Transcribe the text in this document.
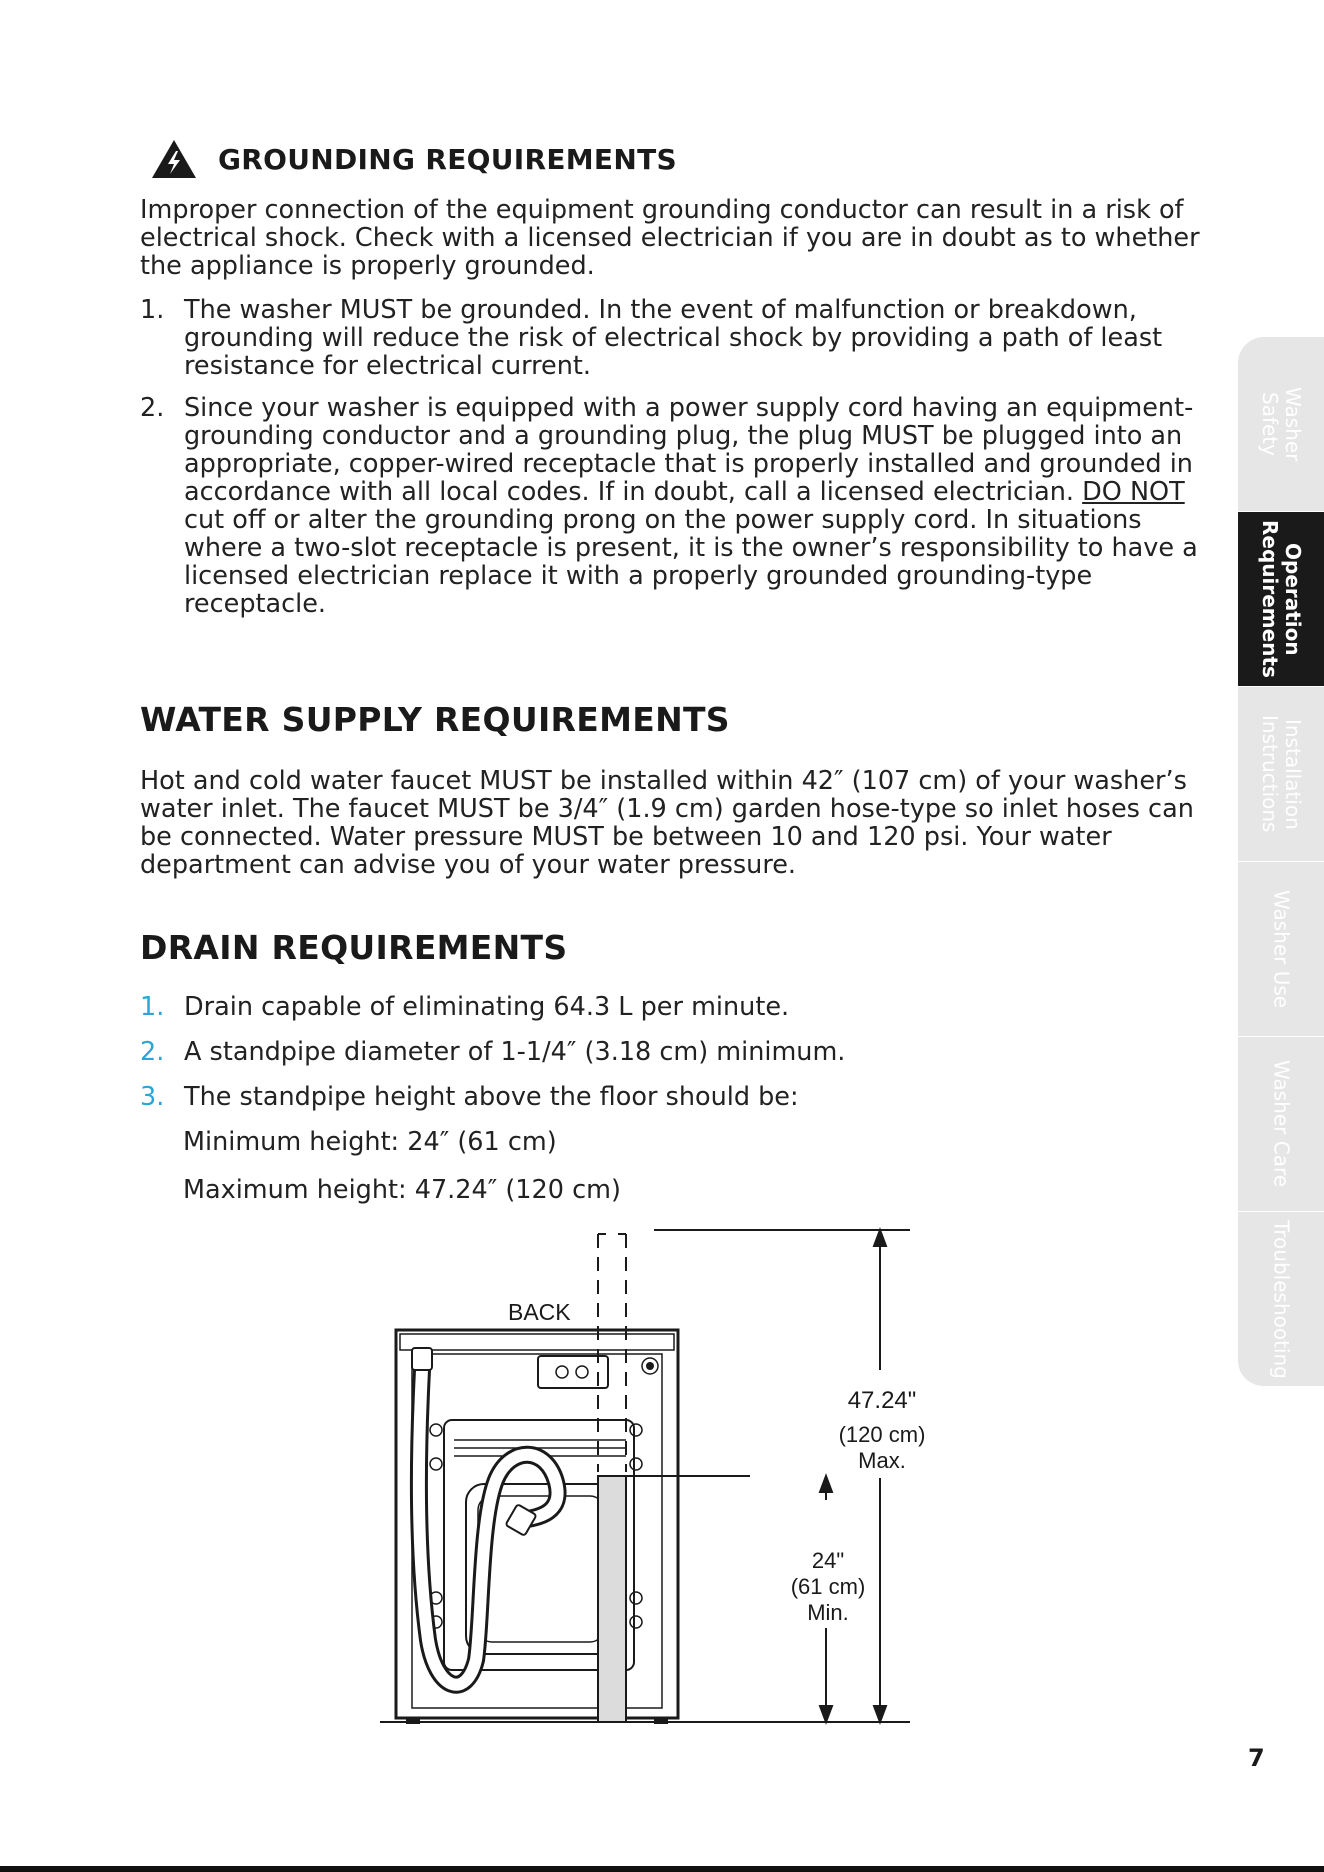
GROUNDING REQUIREMENTS
Improper connection of the equipment grounding conductor can result in a risk of electrical shock. Check with a licensed electrician if you are in doubt as to whether the appliance is properly grounded.
1. The washer MUST be grounded. In the event of malfunction or breakdown, grounding will reduce the risk of electrical shock by providing a path of least resistance for electrical current.
2. Since your washer is equipped with a power supply cord having an equipment-grounding conductor and a grounding plug, the plug MUST be plugged into an appropriate, copper-wired receptacle that is properly installed and grounded in accordance with all local codes. If in doubt, call a licensed electrician. DO NOT cut off or alter the grounding prong on the power supply cord. In situations where a two-slot receptacle is present, it is the owner’s responsibility to have a licensed electrician replace it with a properly grounded grounding-type receptacle.
WATER SUPPLY REQUIREMENTS
Hot and cold water faucet MUST be installed within 42″ (107 cm) of your washer’s water inlet. The faucet MUST be 3/4″ (1.9 cm) garden hose-type so inlet hoses can be connected. Water pressure MUST be between 10 and 120 psi. Your water department can advise you of your water pressure.
DRAIN REQUIREMENTS
1. Drain capable of eliminating 64.3 L per minute.
2. A standpipe diameter of 1-1/4″ (3.18 cm) minimum.
3. The standpipe height above the floor should be:
Minimum height: 24″ (61 cm)
Maximum height: 47.24″ (120 cm)
BACK
47.24"
(120 cm)
Max.
24"
(61 cm)
Min.
Washer
Safety
Operation
Requirements
Installation
Instructions
Washer Use
Washer Care
Troubleshooting
7
